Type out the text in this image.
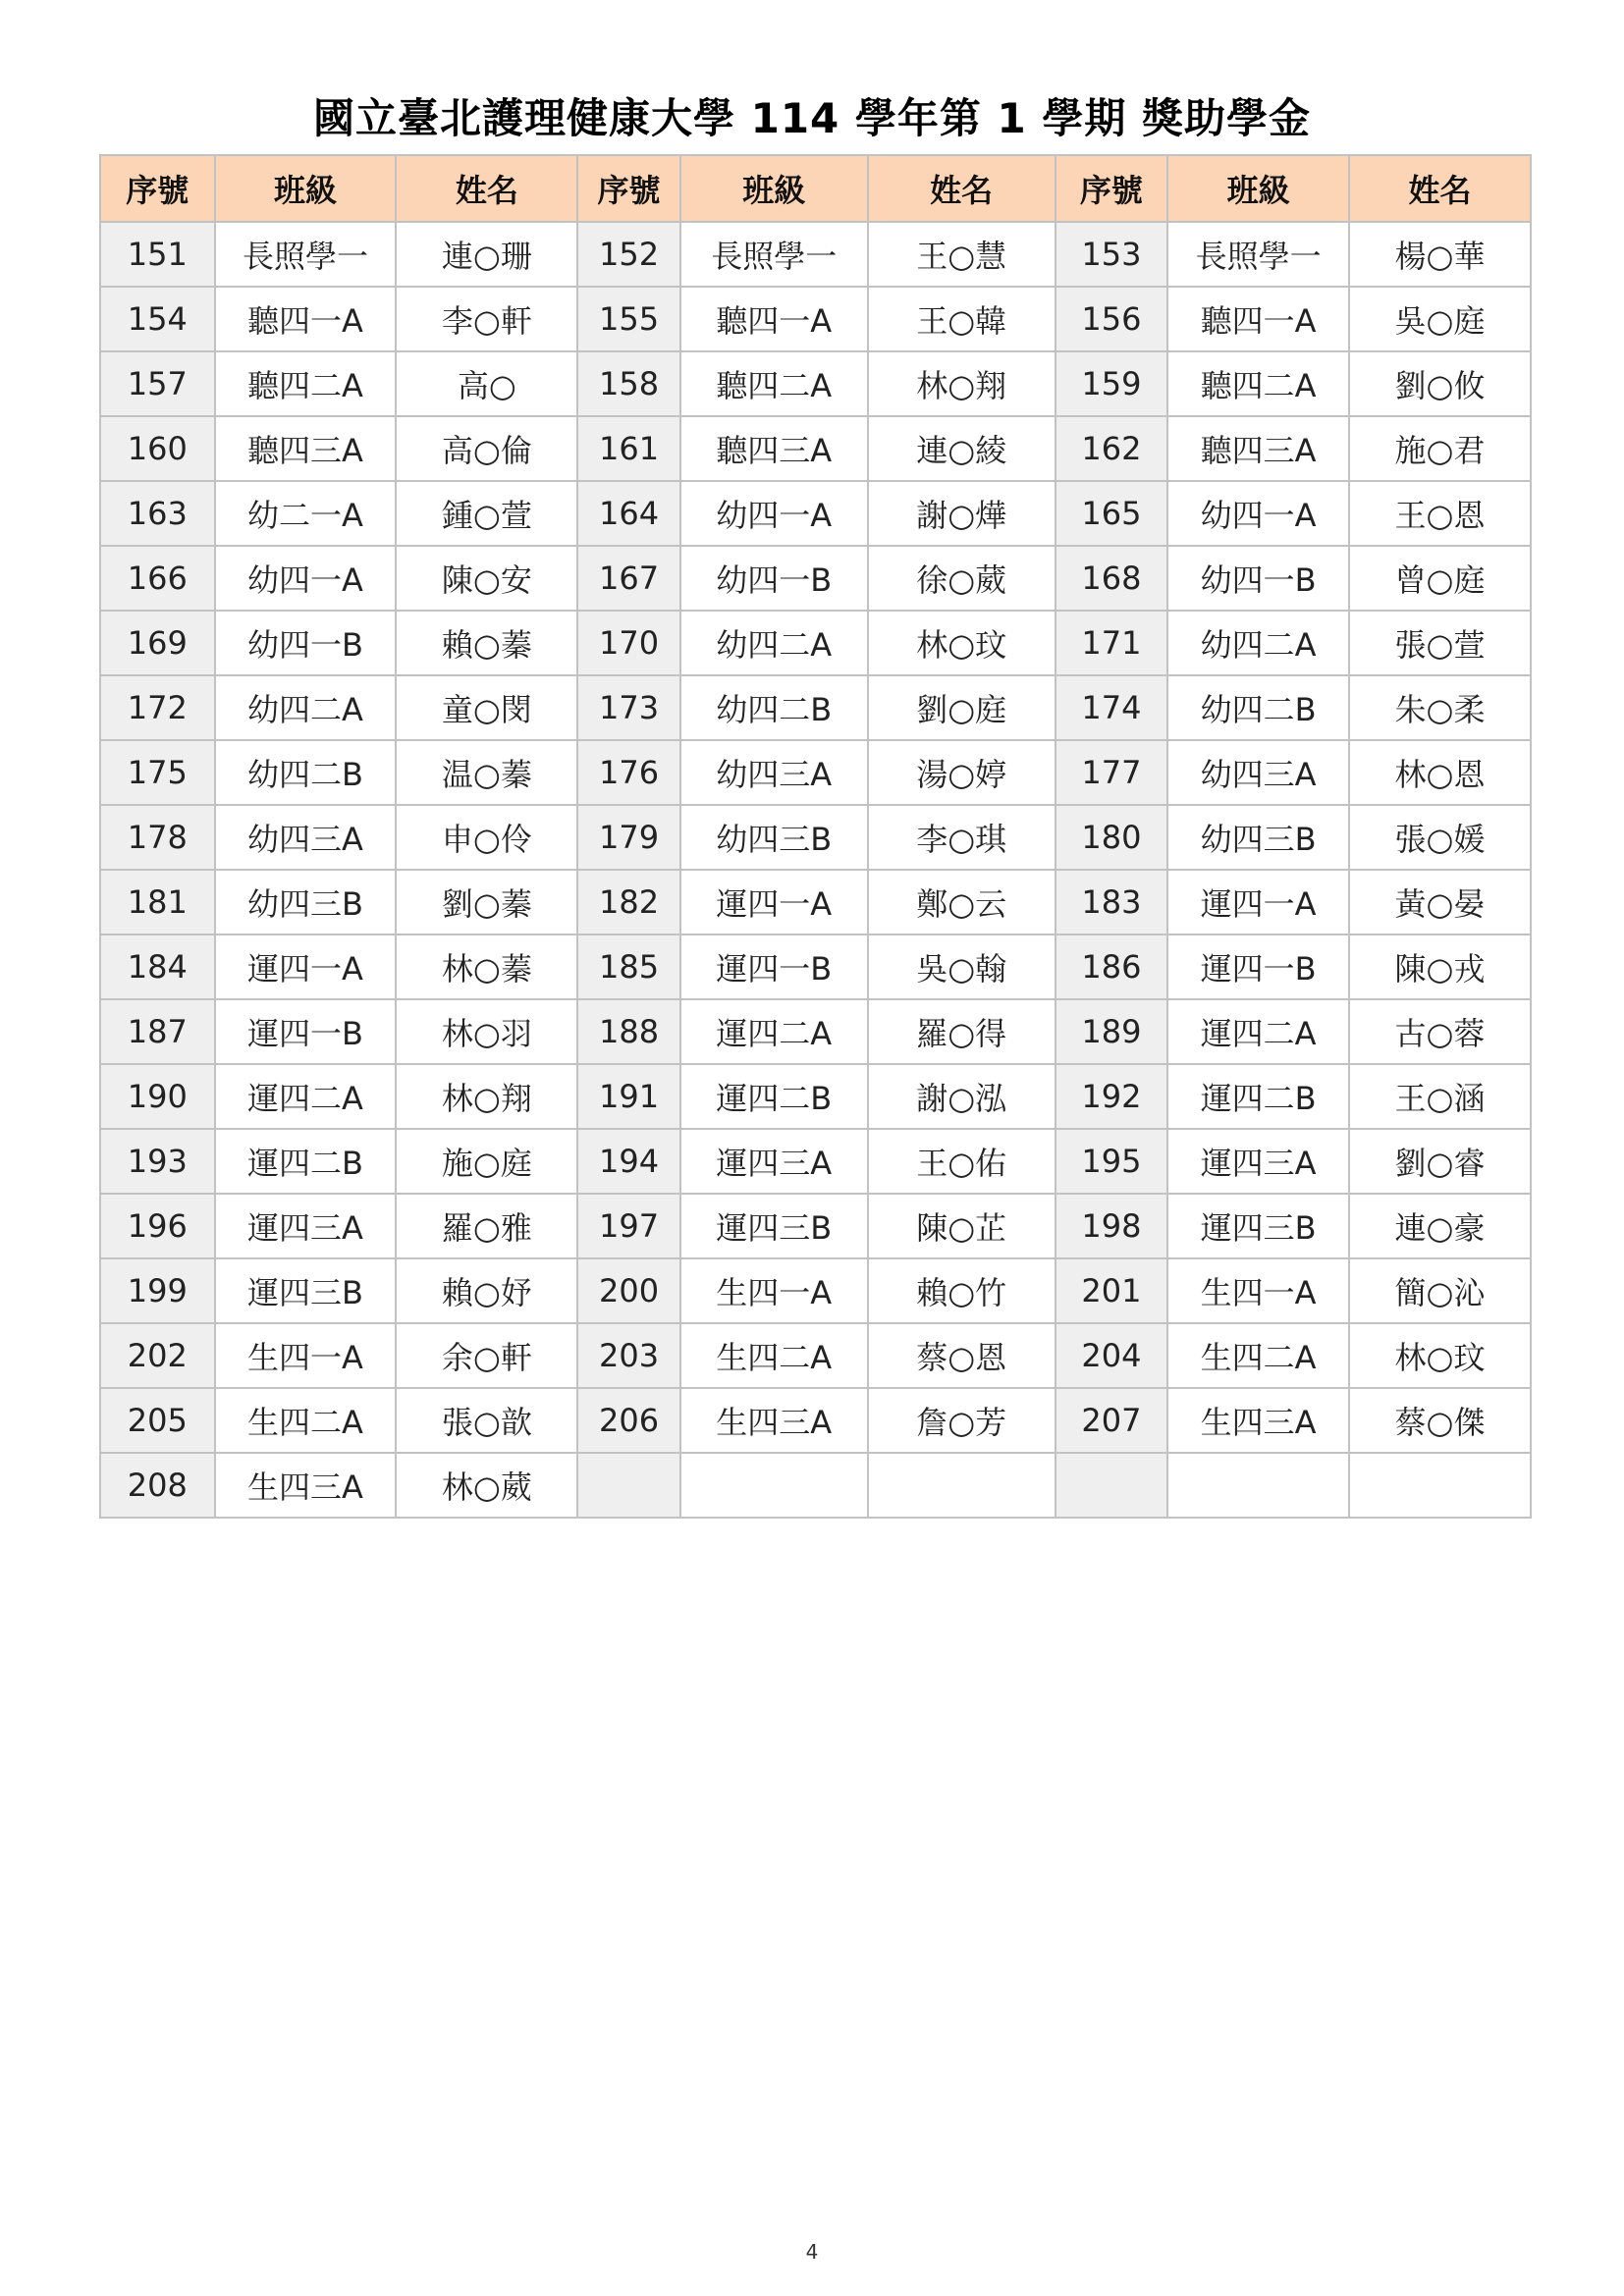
國立臺北護理健康大學 114 學年第 1 學期 獎助學金
序號	班級	姓名	序號	班級	姓名	序號	班級	姓名
151	長照學一	連○珊	152	長照學一	王○慧	153	長照學一	楊○華
154	聽四一A	李○軒	155	聽四一A	王○韓	156	聽四一A	吳○庭
157	聽四二A	高○	158	聽四二A	林○翔	159	聽四二A	劉○攸
160	聽四三A	高○倫	161	聽四三A	連○綾	162	聽四三A	施○君
163	幼二一A	鍾○萱	164	幼四一A	謝○燁	165	幼四一A	王○恩
166	幼四一A	陳○安	167	幼四一B	徐○葳	168	幼四一B	曾○庭
169	幼四一B	賴○蓁	170	幼四二A	林○玟	171	幼四二A	張○萱
172	幼四二A	童○閔	173	幼四二B	劉○庭	174	幼四二B	朱○柔
175	幼四二B	温○蓁	176	幼四三A	湯○婷	177	幼四三A	林○恩
178	幼四三A	申○伶	179	幼四三B	李○琪	180	幼四三B	張○媛
181	幼四三B	劉○蓁	182	運四一A	鄭○云	183	運四一A	黃○晏
184	運四一A	林○蓁	185	運四一B	吳○翰	186	運四一B	陳○戎
187	運四一B	林○羽	188	運四二A	羅○得	189	運四二A	古○蓉
190	運四二A	林○翔	191	運四二B	謝○泓	192	運四二B	王○涵
193	運四二B	施○庭	194	運四三A	王○佑	195	運四三A	劉○睿
196	運四三A	羅○雅	197	運四三B	陳○芷	198	運四三B	連○豪
199	運四三B	賴○妤	200	生四一A	賴○竹	201	生四一A	簡○沁
202	生四一A	余○軒	203	生四二A	蔡○恩	204	生四二A	林○玟
205	生四二A	張○歆	206	生四三A	詹○芳	207	生四三A	蔡○傑
208	生四三A	林○葳						
4
